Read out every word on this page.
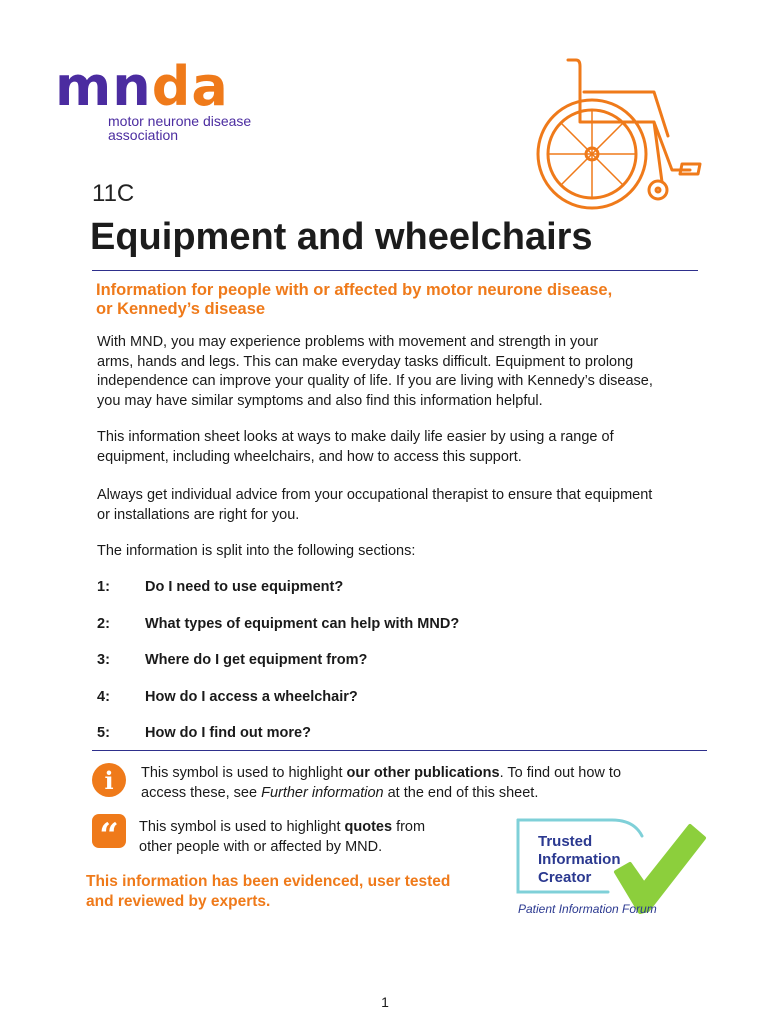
mnda
motor neurone disease
association
11C
Equipment and wheelchairs
Information for people with or affected by motor neurone disease,
or Kennedy’s disease
With MND, you may experience problems with movement and strength in your
arms, hands and legs. This can make everyday tasks difficult. Equipment to prolong
independence can improve your quality of life. If you are living with Kennedy’s disease,
you may have similar symptoms and also find this information helpful.
This information sheet looks at ways to make daily life easier by using a range of
equipment, including wheelchairs, and how to access this support.
Always get individual advice from your occupational therapist to ensure that equipment
or installations are right for you.
The information is split into the following sections:
1: Do I need to use equipment?
2: What types of equipment can help with MND?
3: Where do I get equipment from?
4: How do I access a wheelchair?
5: How do I find out more?
i This symbol is used to highlight our other publications. To find out how to
access these, see Further information at the end of this sheet.
“ This symbol is used to highlight quotes from
other people with or affected by MND.
This information has been evidenced, user tested
and reviewed by experts.
Trusted
Information
Creator
Patient Information Forum
1
